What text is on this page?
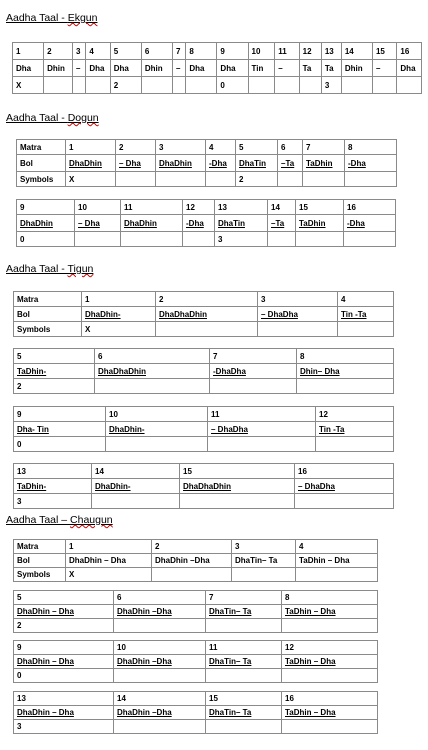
Aadha Taal - Ekgun
1	2	3	4	5	6	7	8	9	10	11	12	13	14	15	16
Dha	Dhin	–	Dha	Dha	Dhin	–	Dha	Dha	Tin	–	Ta	Ta	Dhin	–	Dha
X				2				0				3			
Aadha Taal - Dogun
Matra	1	2	3	4	5	6	7	8
Bol	DhaDhin	– Dha	DhaDhin	-Dha	DhaTin	–Ta	TaDhin	-Dha
Symbols	X				2			
9	10	11	12	13	14	15	16
DhaDhin	– Dha	DhaDhin	-Dha	DhaTin	–Ta	TaDhin	-Dha
0				3			
Aadha Taal - Tigun
Matra	1	2	3	4
Bol	DhaDhin-	DhaDhaDhin	– DhaDha	Tin -Ta
Symbols	X			
5	6	7	8
TaDhin-	DhaDhaDhin	-DhaDha	Dhin– Dha
2			
9	10	11	12
Dha- Tin	DhaDhin-	– DhaDha	Tin -Ta
0			
13	14	15	16
TaDhin-	DhaDhin-	DhaDhaDhin	– DhaDha
3			
Aadha Taal – Chaugun
Matra	1	2	3	4
Bol	DhaDhin – Dha	DhaDhin –Dha	DhaTin– Ta	TaDhin – Dha
Symbols	X			
5	6	7	8
DhaDhin – Dha	DhaDhin –Dha	DhaTin– Ta	TaDhin – Dha
2			
9	10	11	12
DhaDhin – Dha	DhaDhin –Dha	DhaTin– Ta	TaDhin – Dha
0			
13	14	15	16
DhaDhin – Dha	DhaDhin –Dha	DhaTin– Ta	TaDhin – Dha
3			
